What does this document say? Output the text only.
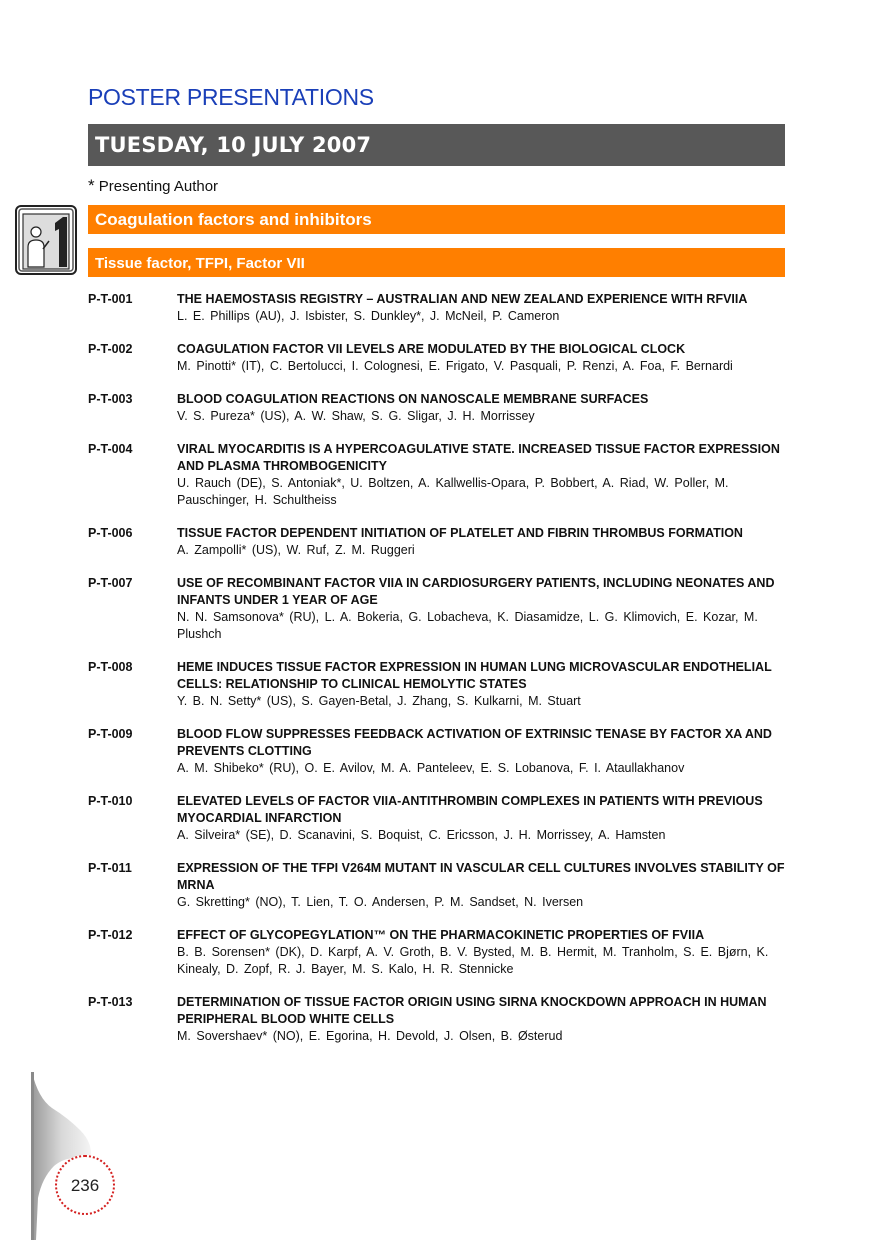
POSTER PRESENTATIONS
TUESDAY, 10 JULY 2007
* Presenting Author
Coagulation factors and inhibitors
Tissue factor, TFPI, Factor VII
P-T-001	THE HAEMOSTASIS REGISTRY – AUSTRALIAN AND NEW ZEALAND EXPERIENCE WITH RFVIIA
L. E. Phillips (AU), J. Isbister, S. Dunkley*, J. McNeil, P. Cameron
P-T-002	COAGULATION FACTOR VII LEVELS ARE MODULATED BY THE BIOLOGICAL CLOCK
M. Pinotti* (IT), C. Bertolucci, I. Colognesi, E. Frigato, V. Pasquali, P. Renzi, A. Foa, F. Bernardi
P-T-003	BLOOD COAGULATION REACTIONS ON NANOSCALE MEMBRANE SURFACES
V. S. Pureza* (US), A. W. Shaw, S. G. Sligar, J. H. Morrissey
P-T-004	VIRAL MYOCARDITIS IS A HYPERCOAGULATIVE STATE. INCREASED TISSUE FACTOR EXPRESSION AND PLASMA THROMBOGENICITY
U. Rauch (DE), S. Antoniak*, U. Boltzen, A. Kallwellis-Opara, P. Bobbert, A. Riad, W. Poller, M. Pauschinger, H. Schultheiss
P-T-006	TISSUE FACTOR DEPENDENT INITIATION OF PLATELET AND FIBRIN THROMBUS FORMATION
A. Zampolli* (US), W. Ruf, Z. M. Ruggeri
P-T-007	USE OF RECOMBINANT FACTOR VIIA IN CARDIOSURGERY PATIENTS, INCLUDING NEONATES AND INFANTS UNDER 1 YEAR OF AGE
N. N. Samsonova* (RU), L. A. Bokeria, G. Lobacheva, K. Diasamidze, L. G. Klimovich, E. Kozar, M. Plushch
P-T-008	HEME INDUCES TISSUE FACTOR EXPRESSION IN HUMAN LUNG MICROVASCULAR ENDOTHELIAL CELLS: RELATIONSHIP TO CLINICAL HEMOLYTIC STATES
Y. B. N. Setty* (US), S. Gayen-Betal, J. Zhang, S. Kulkarni, M. Stuart
P-T-009	BLOOD FLOW SUPPRESSES FEEDBACK ACTIVATION OF EXTRINSIC TENASE BY FACTOR XA AND PREVENTS CLOTTING
A. M. Shibeko* (RU), O. E. Avilov, M. A. Panteleev, E. S. Lobanova, F. I. Ataullakhanov
P-T-010	ELEVATED LEVELS OF FACTOR VIIA-ANTITHROMBIN COMPLEXES IN PATIENTS WITH PREVIOUS MYOCARDIAL INFARCTION
A. Silveira* (SE), D. Scanavini, S. Boquist, C. Ericsson, J. H. Morrissey, A. Hamsten
P-T-011	EXPRESSION OF THE TFPI V264M MUTANT IN VASCULAR CELL CULTURES INVOLVES STABILITY OF MRNA
G. Skretting* (NO), T. Lien, T. O. Andersen, P. M. Sandset, N. Iversen
P-T-012	EFFECT OF GLYCOPEGYLATION™ ON THE PHARMACOKINETIC PROPERTIES OF FVIIA
B. B. Sorensen* (DK), D. Karpf, A. V. Groth, B. V. Bysted, M. B. Hermit, M. Tranholm, S. E. Bjørn, K. Kinealy, D. Zopf, R. J. Bayer, M. S. Kalo, H. R. Stennicke
P-T-013	DETERMINATION OF TISSUE FACTOR ORIGIN USING SIRNA KNOCKDOWN APPROACH IN HUMAN PERIPHERAL BLOOD WHITE CELLS
M. Sovershaev* (NO), E. Egorina, H. Devold, J. Olsen, B. Østerud
236
